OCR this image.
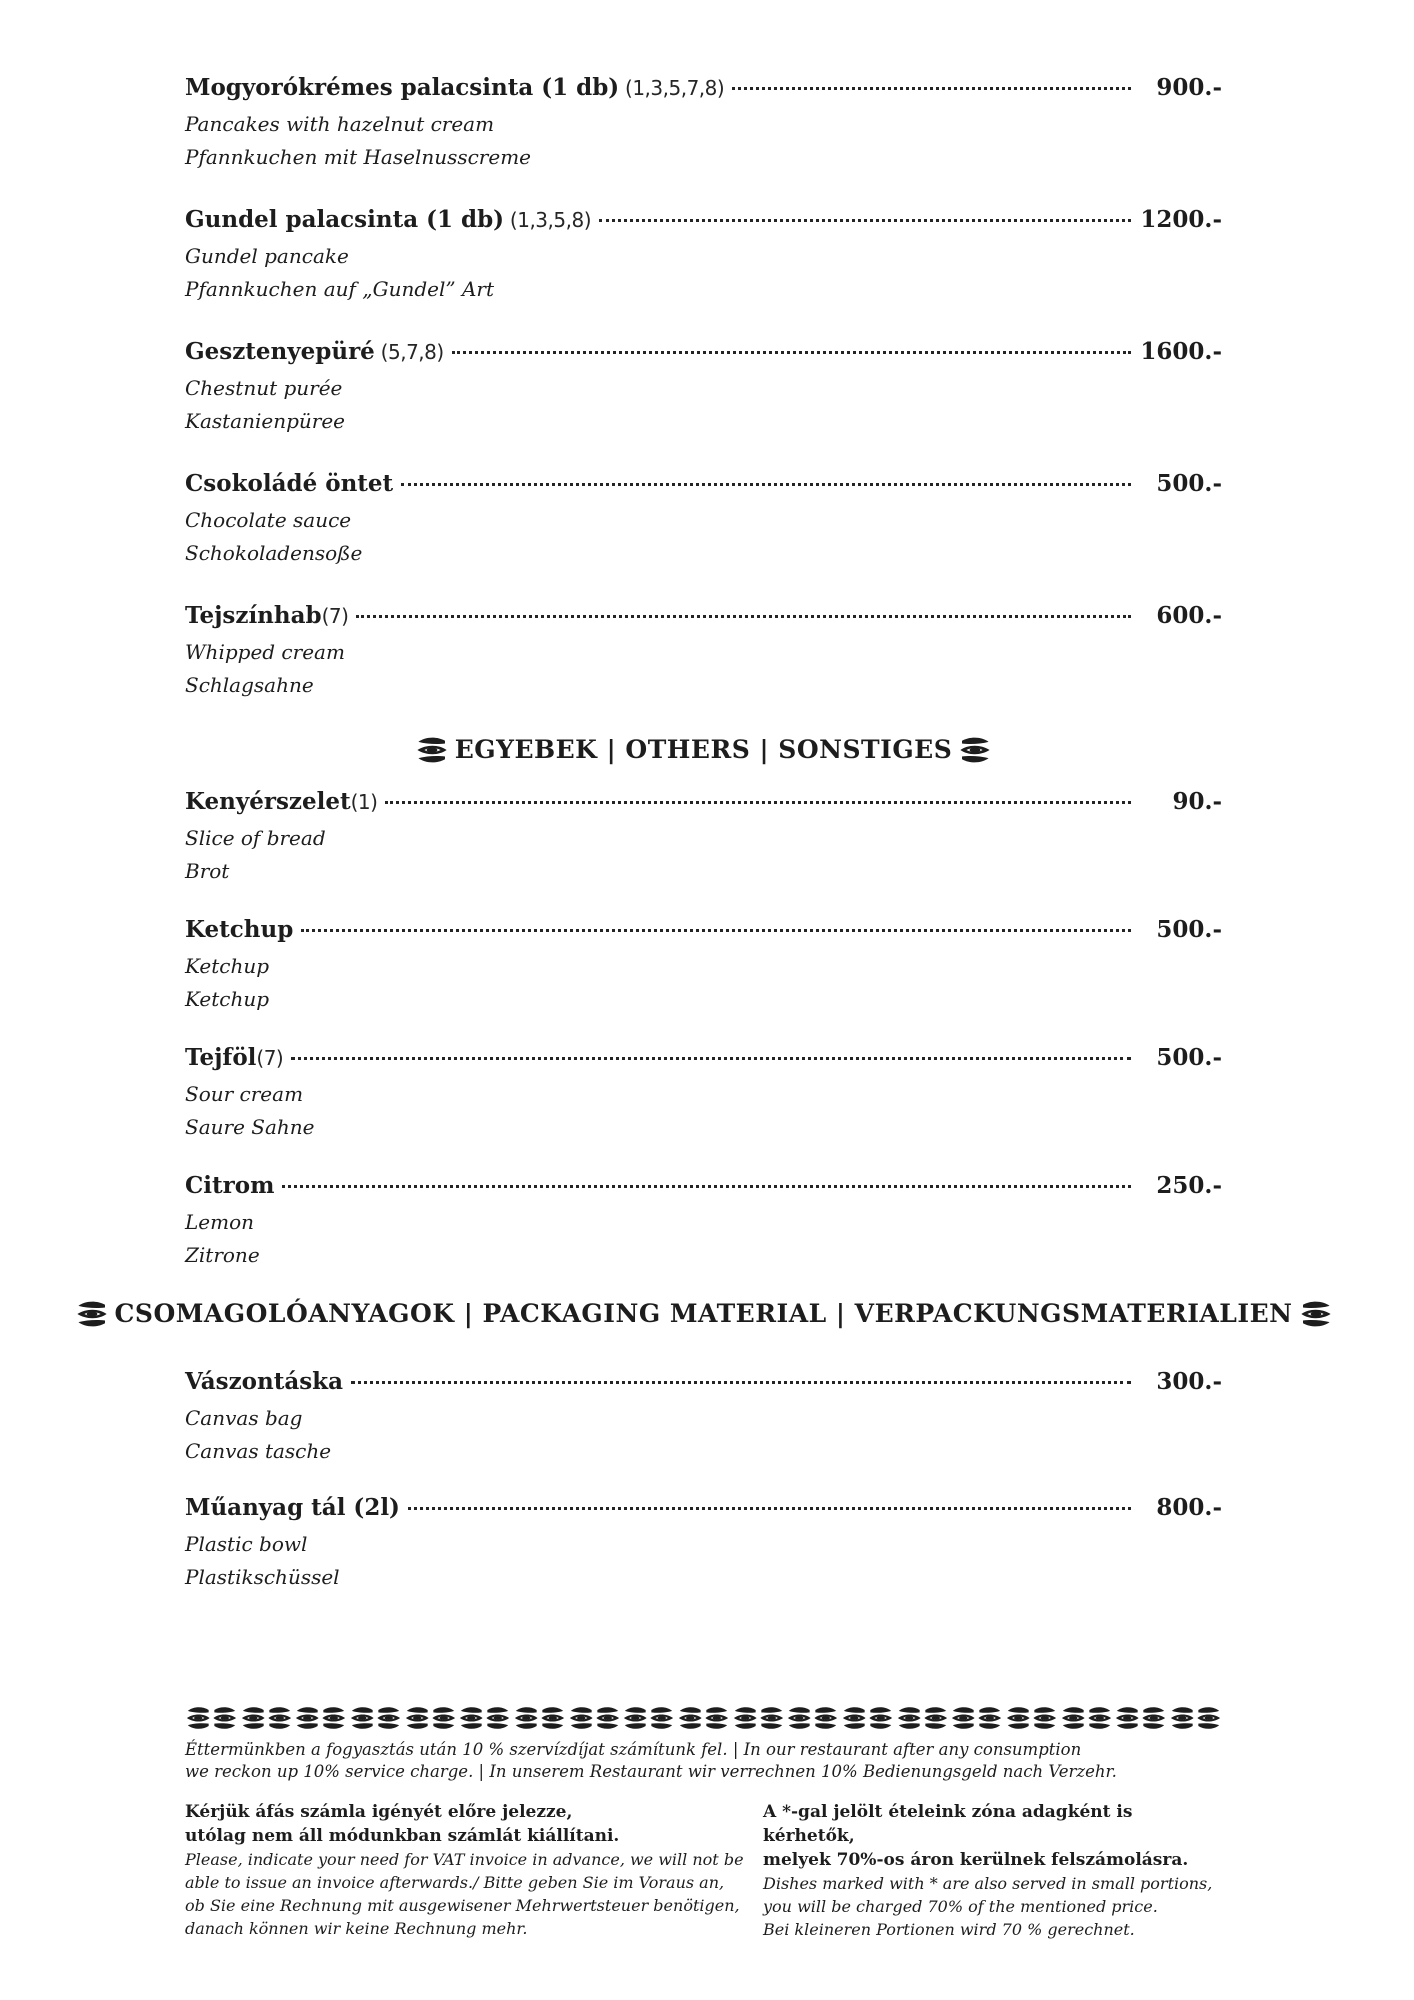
Mogyorókrémes palacsinta (1 db) (1,3,5,7,8)	900.-
Pancakes with hazelnut cream
Pfannkuchen mit Haselnusscreme
Gundel palacsinta (1 db) (1,3,5,8)	1200.-
Gundel pancake
Pfannkuchen auf „Gundel” Art
Gesztenyepüré (5,7,8)	1600.-
Chestnut purée
Kastanienpüree
Csokoládé öntet	500.-
Chocolate sauce
Schokoladensoße
Tejszínhab (7)	600.-
Whipped cream
Schlagsahne
EGYEBEK | OTHERS | SONSTIGES
Kenyérszelet (1)	90.-
Slice of bread
Brot
Ketchup	500.-
Ketchup
Ketchup
Tejföl (7)	500.-
Sour cream
Saure Sahne
Citrom	250.-
Lemon
Zitrone
CSOMAGOLÓANYAGOK | PACKAGING MATERIAL | VERPACKUNGSMATERIALIEN
Vászontáska	300.-
Canvas bag
Canvas tasche
Műanyag tál (2l)	800.-
Plastic bowl
Plastikschüssel
Éttermünkben a fogyasztás után 10 % szervízdíjat számítunk fel. | In our restaurant after any consumption
we reckon up 10% service charge. | In unserem Restaurant wir verrechnen 10% Bedienungsgeld nach Verzehr.
Kérjük áfás számla igényét előre jelezze,
utólag nem áll módunkban számlát kiállítani.
Please, indicate your need for VAT invoice in advance, we will not be able to issue an invoice afterwards./ Bitte geben Sie im Voraus an, ob Sie eine Rechnung mit ausgewisener Mehrwertsteuer benötigen, danach können wir keine Rechnung mehr.
A *-gal jelölt ételeink zóna adagként is kérhetők,
melyek 70%-os áron kerülnek felszámolásra.
Dishes marked with * are also served in small portions,
you will be charged 70% of the mentioned price.
Bei kleineren Portionen wird 70 % gerechnet.
